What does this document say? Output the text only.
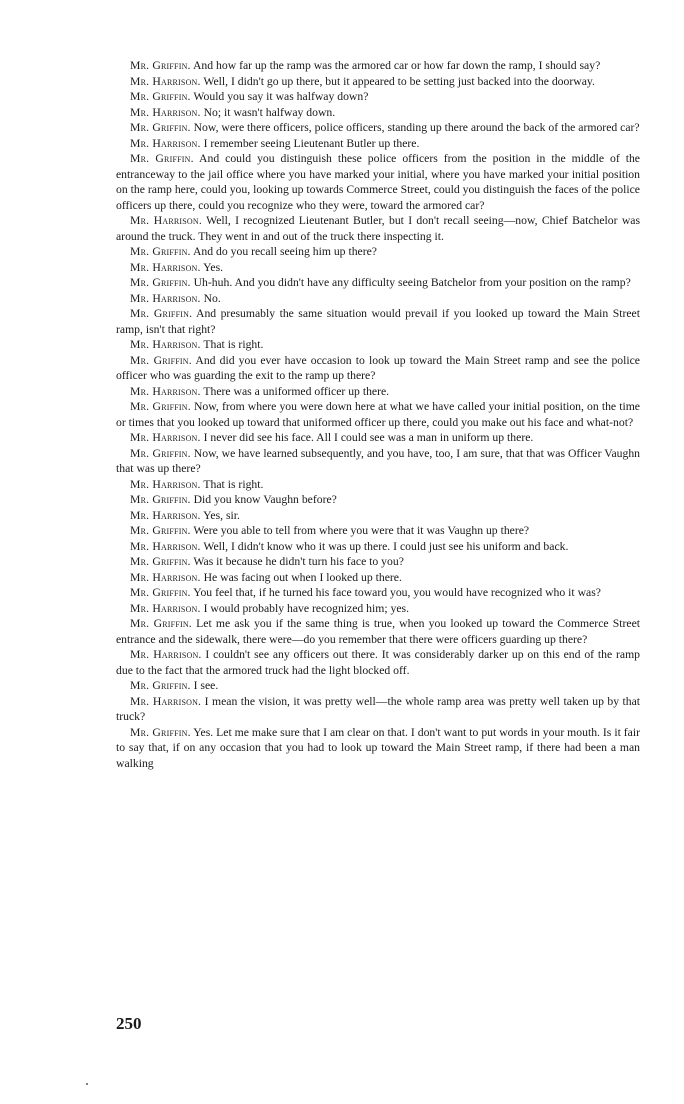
Mr. Griffin. And how far up the ramp was the armored car or how far down the ramp, I should say?

Mr. Harrison. Well, I didn't go up there, but it appeared to be setting just backed into the doorway.

Mr. Griffin. Would you say it was halfway down?

Mr. Harrison. No; it wasn't halfway down.

Mr. Griffin. Now, were there officers, police officers, standing up there around the back of the armored car?

Mr. Harrison. I remember seeing Lieutenant Butler up there.

Mr. Griffin. And could you distinguish these police officers from the position in the middle of the entranceway to the jail office where you have marked your initial, where you have marked your initial position on the ramp here, could you, looking up towards Commerce Street, could you distinguish the faces of the police officers up there, could you recognize who they were, toward the armored car?

Mr. Harrison. Well, I recognized Lieutenant Butler, but I don't recall seeing—now, Chief Batchelor was around the truck. They went in and out of the truck there inspecting it.

Mr. Griffin. And do you recall seeing him up there?

Mr. Harrison. Yes.

Mr. Griffin. Uh-huh. And you didn't have any difficulty seeing Batchelor from your position on the ramp?

Mr. Harrison. No.

Mr. Griffin. And presumably the same situation would prevail if you looked up toward the Main Street ramp, isn't that right?

Mr. Harrison. That is right.

Mr. Griffin. And did you ever have occasion to look up toward the Main Street ramp and see the police officer who was guarding the exit to the ramp up there?

Mr. Harrison. There was a uniformed officer up there.

Mr. Griffin. Now, from where you were down here at what we have called your initial position, on the time or times that you looked up toward that uniformed officer up there, could you make out his face and what-not?

Mr. Harrison. I never did see his face. All I could see was a man in uniform up there.

Mr. Griffin. Now, we have learned subsequently, and you have, too, I am sure, that that was Officer Vaughn that was up there?

Mr. Harrison. That is right.

Mr. Griffin. Did you know Vaughn before?

Mr. Harrison. Yes, sir.

Mr. Griffin. Were you able to tell from where you were that it was Vaughn up there?

Mr. Harrison. Well, I didn't know who it was up there. I could just see his uniform and back.

Mr. Griffin. Was it because he didn't turn his face to you?

Mr. Harrison. He was facing out when I looked up there.

Mr. Griffin. You feel that, if he turned his face toward you, you would have recognized who it was?

Mr. Harrison. I would probably have recognized him; yes.

Mr. Griffin. Let me ask you if the same thing is true, when you looked up toward the Commerce Street entrance and the sidewalk, there were—do you remember that there were officers guarding up there?

Mr. Harrison. I couldn't see any officers out there. It was considerably darker up on this end of the ramp due to the fact that the armored truck had the light blocked off.

Mr. Griffin. I see.

Mr. Harrison. I mean the vision, it was pretty well—the whole ramp area was pretty well taken up by that truck?

Mr. Griffin. Yes. Let me make sure that I am clear on that. I don't want to put words in your mouth. Is it fair to say that, if on any occasion that you had to look up toward the Main Street ramp, if there had been a man walking

250
